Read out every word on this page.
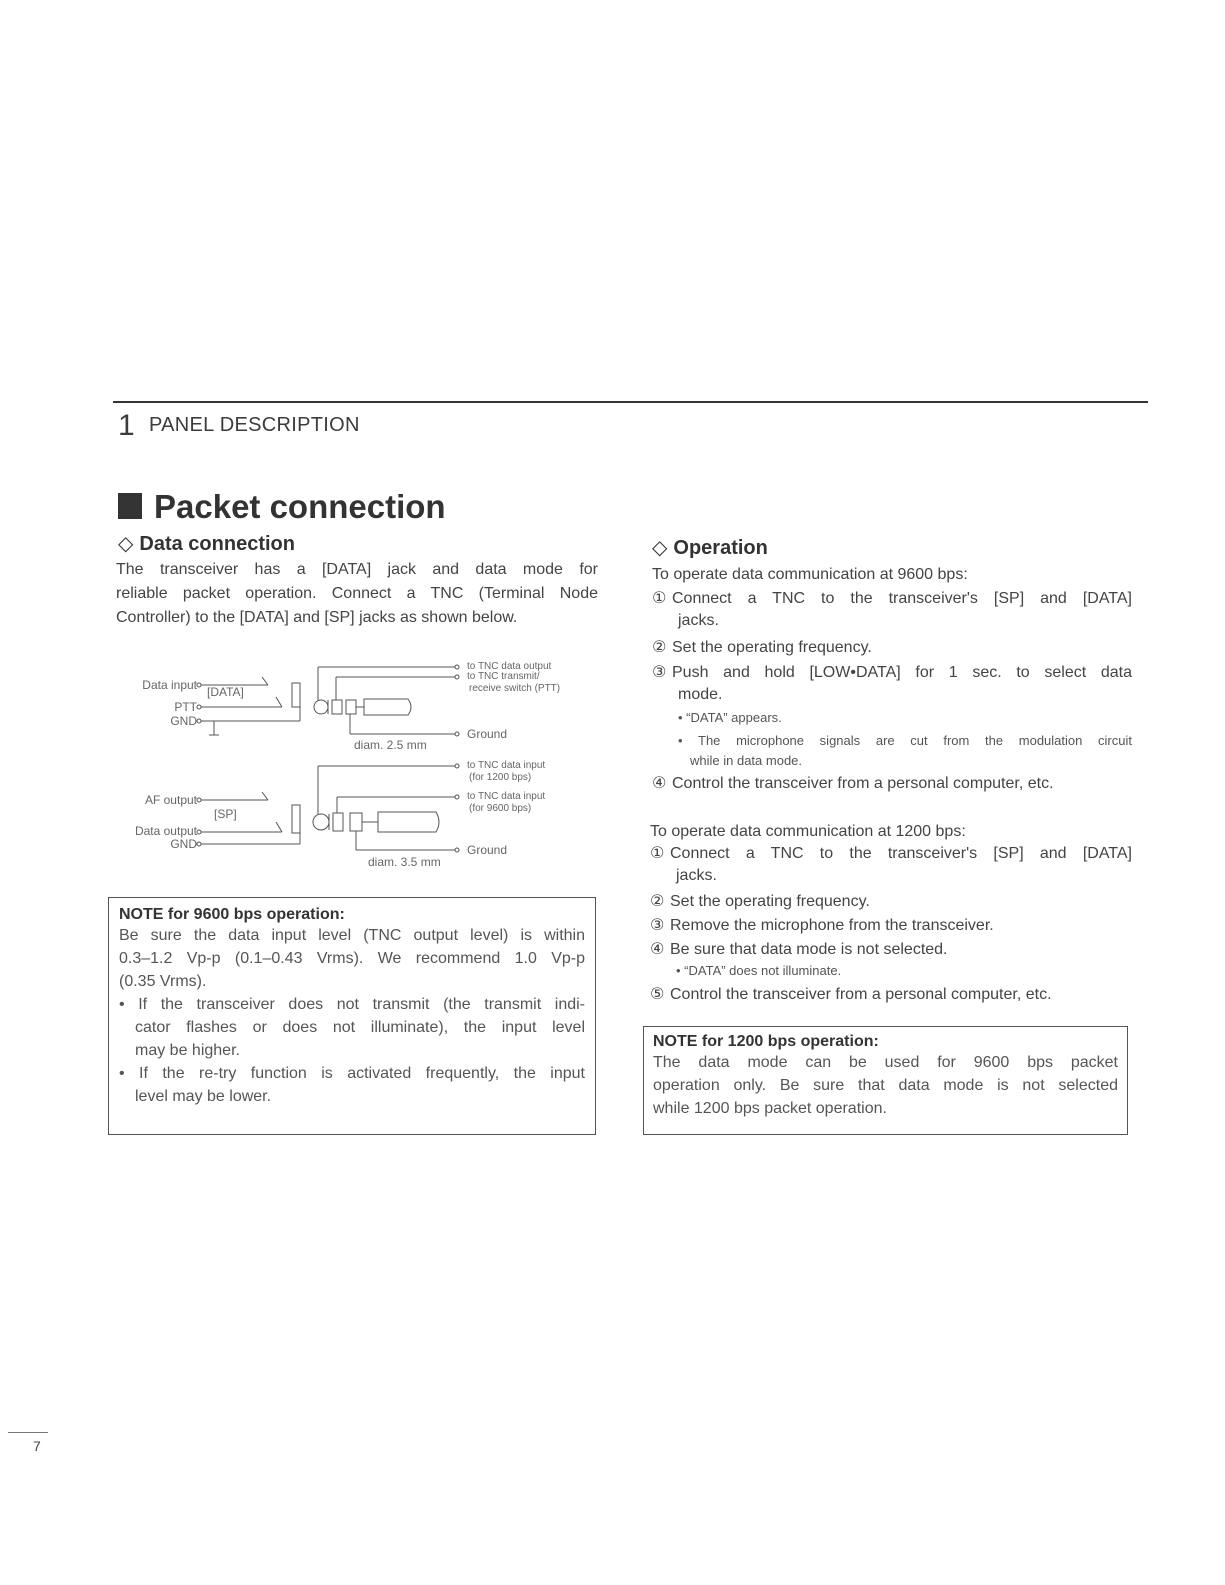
1 PANEL DESCRIPTION
Packet connection
◇ Data connection
The transceiver has a [DATA] jack and data mode for
reliable packet operation. Connect a TNC (Terminal Node
Controller) to the [DATA] and [SP] jacks as shown below.
Data input [DATA]
PTT
GND
diam. 2.5 mm
to TNC data output
to TNC transmit/
receive switch (PTT)
Ground
AF output
[SP]
Data output
GND
diam. 3.5 mm
to TNC data input
(for 1200 bps)
to TNC data input
(for 9600 bps)
Ground
NOTE for 9600 bps operation:
Be sure the data input level (TNC output level) is within
0.3–1.2 Vp-p (0.1–0.43 Vrms). We recommend 1.0 Vp-p
(0.35 Vrms).
• If the transceiver does not transmit (the transmit indi-
cator flashes or does not illuminate), the input level
may be higher.
• If the re-try function is activated frequently, the input
level may be lower.
◇ Operation
To operate data communication at 9600 bps:
① Connect a TNC to the transceiver's [SP] and [DATA]
jacks.
② Set the operating frequency.
③ Push and hold [LOW•DATA] for 1 sec. to select data
mode.
• “DATA” appears.
• The microphone signals are cut from the modulation circuit
while in data mode.
④ Control the transceiver from a personal computer, etc.
To operate data communication at 1200 bps:
① Connect a TNC to the transceiver's [SP] and [DATA]
jacks.
② Set the operating frequency.
③ Remove the microphone from the transceiver.
④ Be sure that data mode is not selected.
• “DATA” does not illuminate.
⑤ Control the transceiver from a personal computer, etc.
NOTE for 1200 bps operation:
The data mode can be used for 9600 bps packet
operation only. Be sure that data mode is not selected
while 1200 bps packet operation.
7
